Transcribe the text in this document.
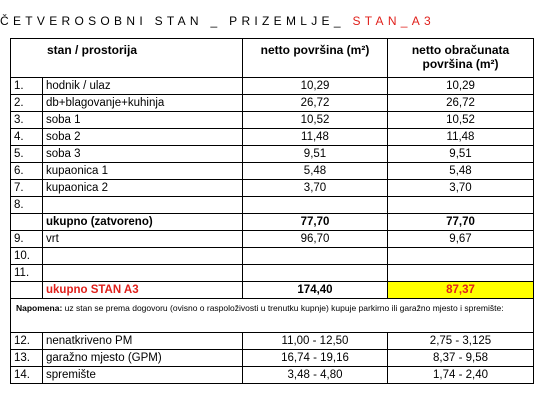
ČETVEROSOBNI STAN _ PRIZEMLJE_ STAN_A3
stan / prostorija		netto površina (m²)	netto obračunata površina (m²)
1.	hodnik / ulaz	10,29	10,29
2.	db+blagovanje+kuhinja	26,72	26,72
3.	soba 1	10,52	10,52
4.	soba 2	11,48	11,48
5.	soba 3	9,51	9,51
6.	kupaonica 1	5,48	5,48
7.	kupaonica 2	3,70	3,70
8.			
	ukupno (zatvoreno)	77,70	77,70
9.	vrt	96,70	9,67
10.			
11.			
	ukupno STAN A3	174,40	87,37
Napomena: uz stan se prema dogovoru (ovisno o raspoloživosti u trenutku kupnje) kupuje parkirno ili garažno mjesto i spremište:			
12.	nenatkriveno PM	11,00 - 12,50	2,75 - 3,125
13.	garažno mjesto (GPM)	16,74 - 19,16	8,37 - 9,58
14.	spremište	3,48 - 4,80	1,74 - 2,40
